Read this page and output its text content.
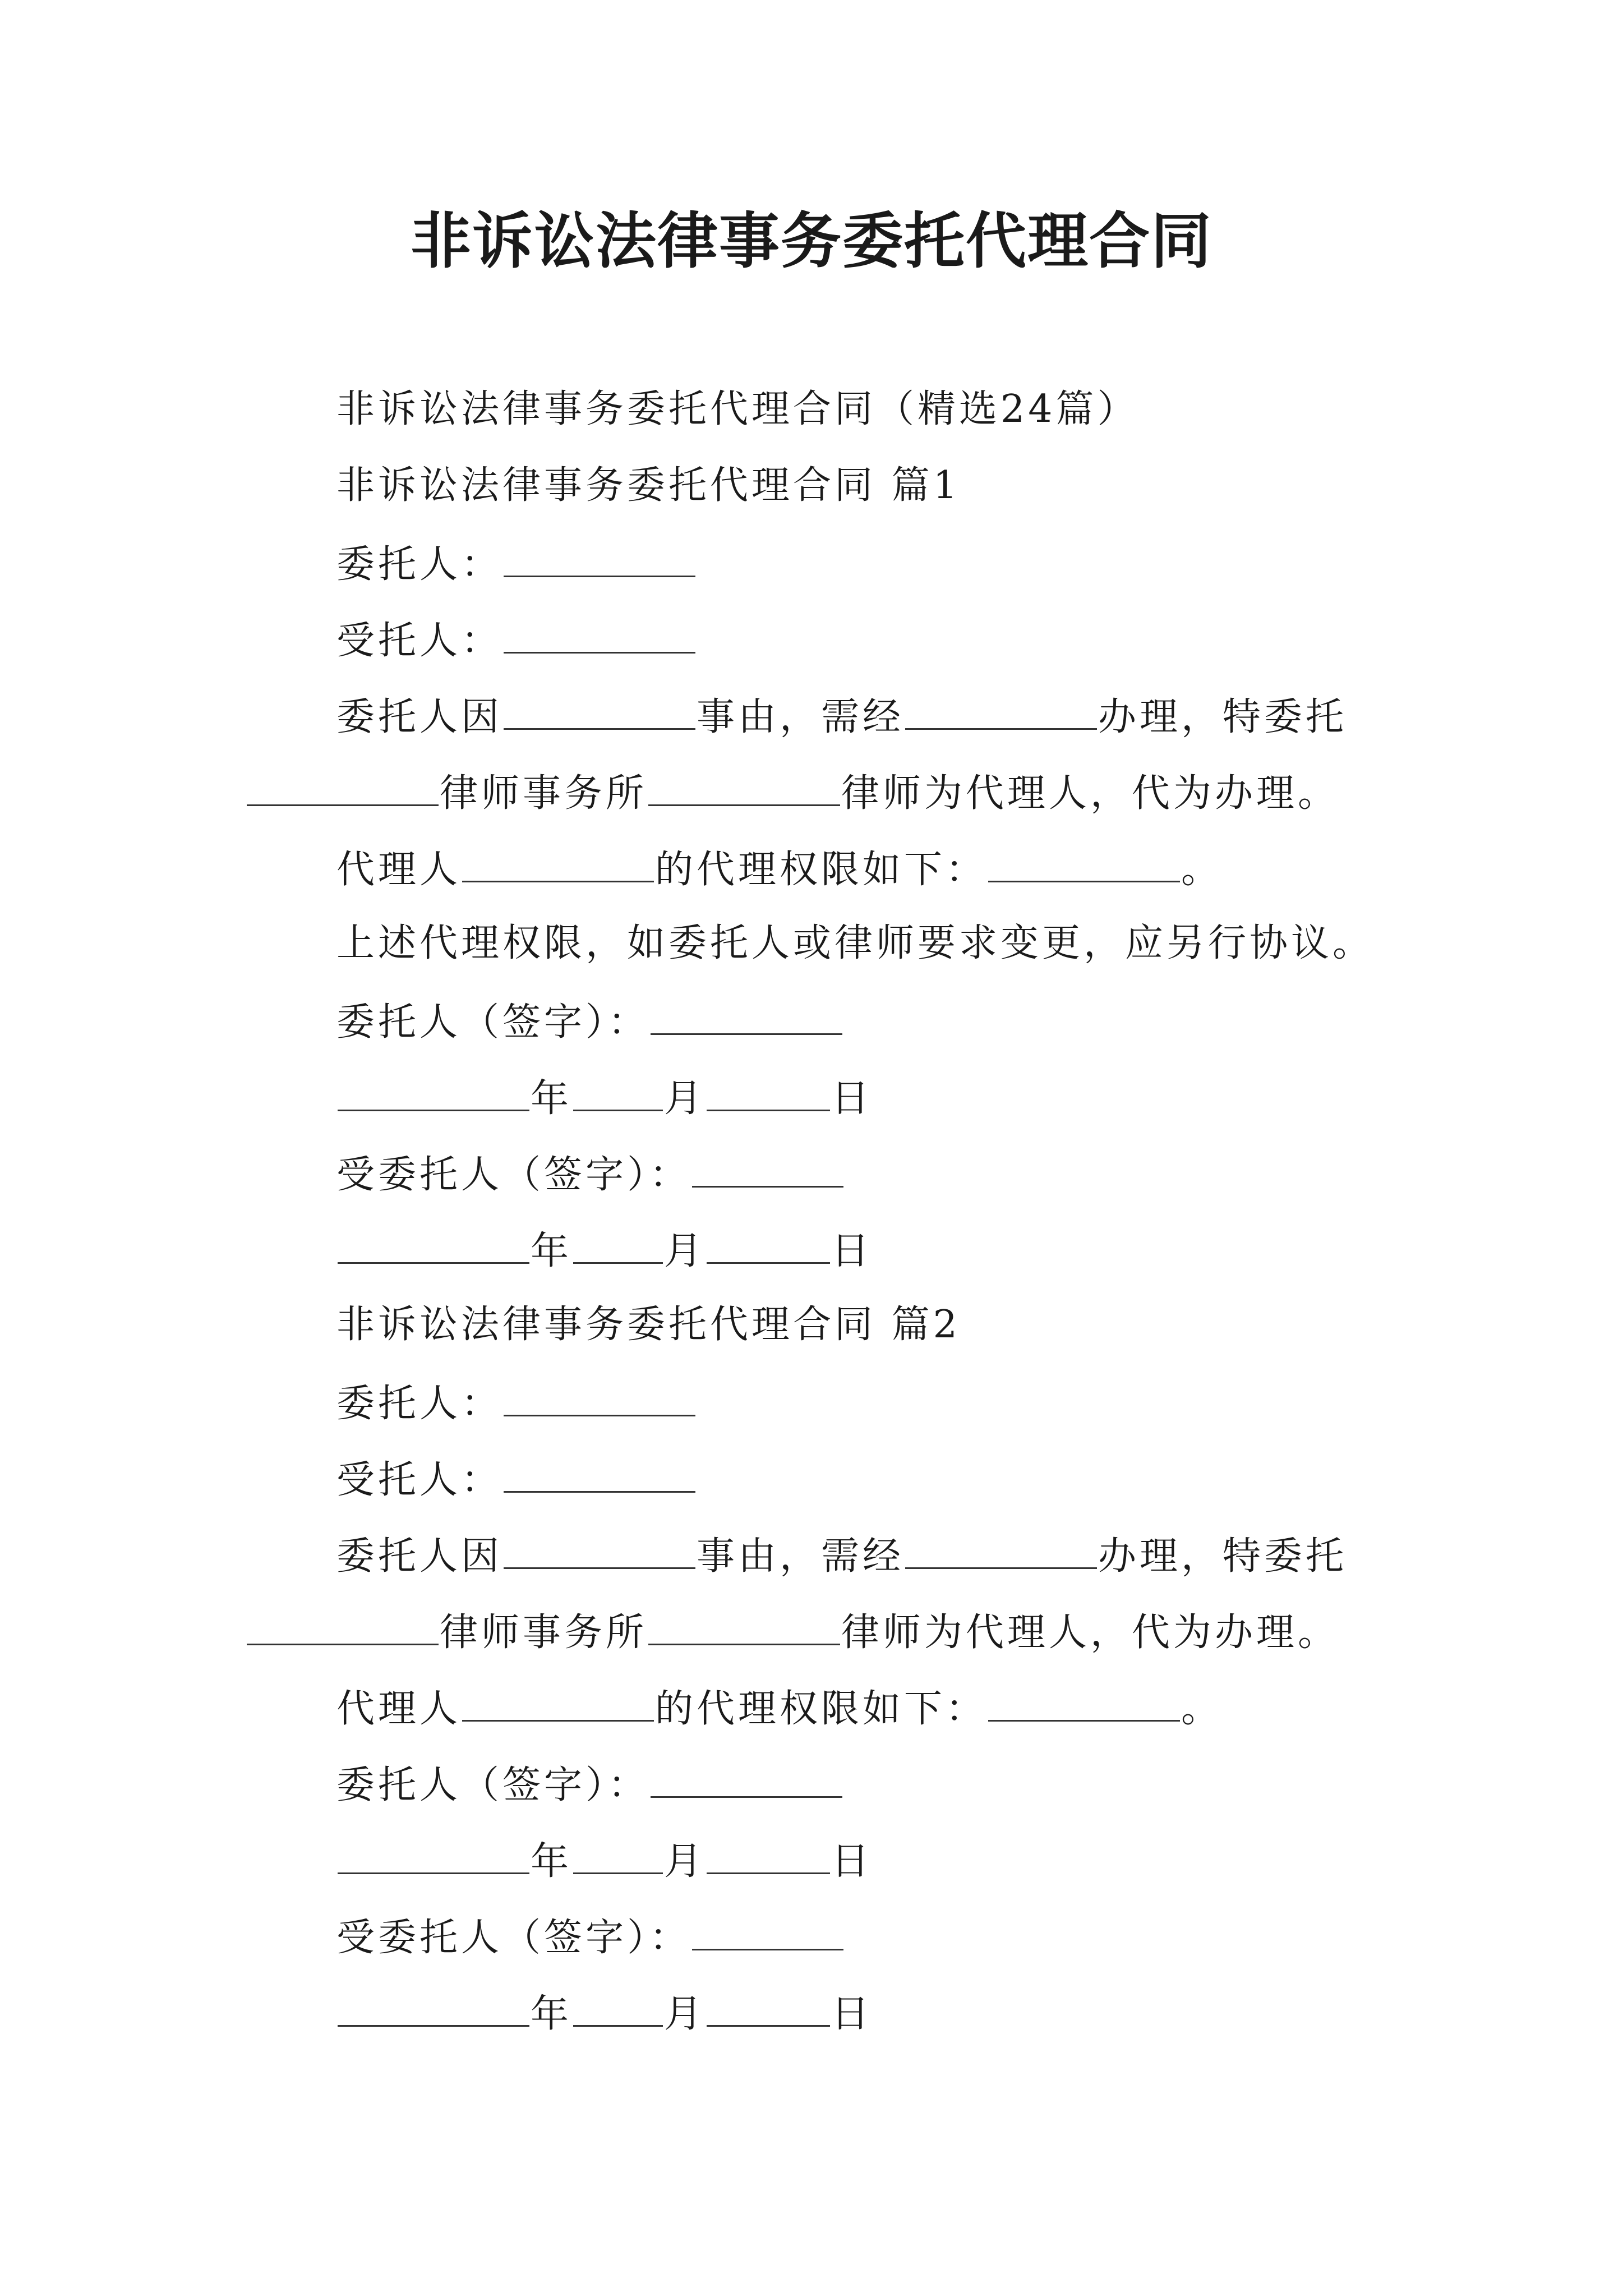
非诉讼法律事务委托代理合同
非诉讼法律事务委托代理合同（精选24篇）
非诉讼法律事务委托代理合同 篇1
委托人：
受托人：
委托人因	事由，需经	办理，特委托
律师事务所	律师为代理人，代为办理。
代理人	的代理权限如下：	。
上述代理权限，如委托人或律师要求变更，应另行协议。
委托人（签字）：
年 月	日
受委托人（签字）：
年 月	日
非诉讼法律事务委托代理合同 篇2
委托人：
受托人：
委托人因	事由，需经	办理，特委托
律师事务所	律师为代理人，代为办理。
代理人	的代理权限如下：	。
委托人（签字）：
年 月	日
受委托人（签字）：
年 月	日
